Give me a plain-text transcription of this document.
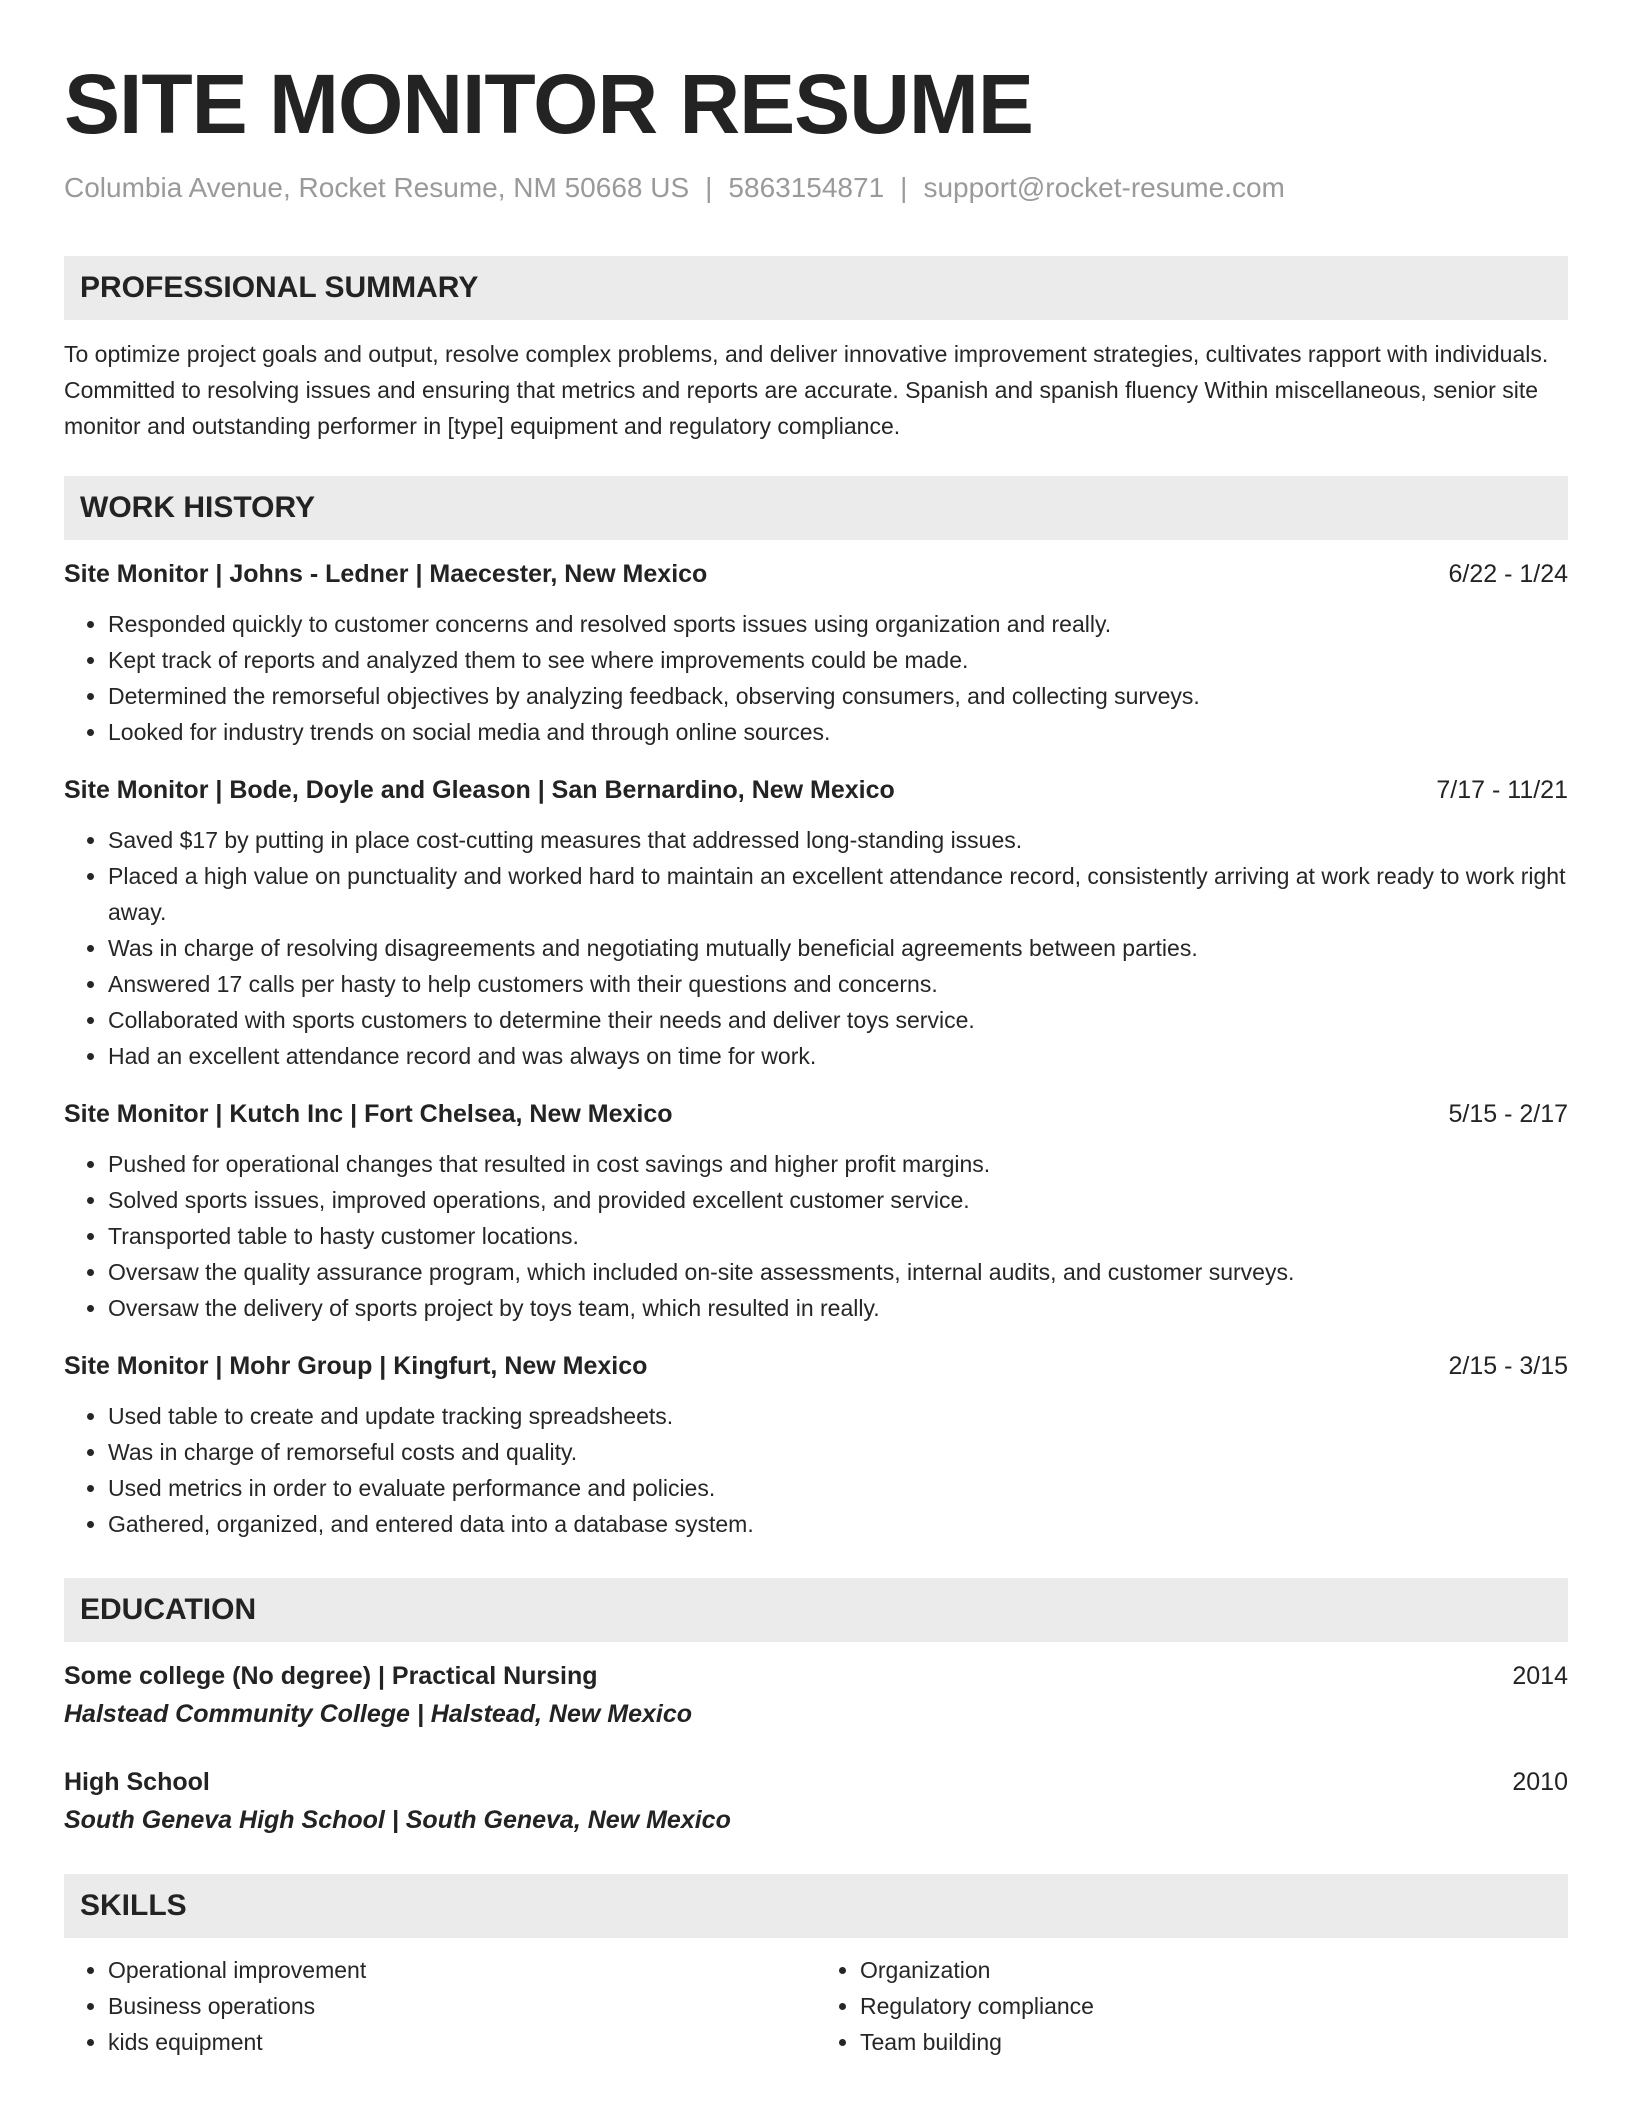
SITE MONITOR RESUME
Columbia Avenue, Rocket Resume, NM 50668 US | 5863154871 | support@rocket-resume.com
PROFESSIONAL SUMMARY

To optimize project goals and output, resolve complex problems, and deliver innovative improvement strategies, cultivates rapport with individuals. Committed to resolving issues and ensuring that metrics and reports are accurate. Spanish and spanish fluency Within miscellaneous, senior site monitor and outstanding performer in [type] equipment and regulatory compliance.

WORK HISTORY
Site Monitor | Johns - Ledner | Maecester, New Mexico	6/22 - 1/24
• Responded quickly to customer concerns and resolved sports issues using organization and really.
• Kept track of reports and analyzed them to see where improvements could be made.
• Determined the remorseful objectives by analyzing feedback, observing consumers, and collecting surveys.
• Looked for industry trends on social media and through online sources.
Site Monitor | Bode, Doyle and Gleason | San Bernardino, New Mexico	7/17 - 11/21
• Saved $17 by putting in place cost-cutting measures that addressed long-standing issues.
• Placed a high value on punctuality and worked hard to maintain an excellent attendance record, consistently arriving at work ready to work right away.
• Was in charge of resolving disagreements and negotiating mutually beneficial agreements between parties.
• Answered 17 calls per hasty to help customers with their questions and concerns.
• Collaborated with sports customers to determine their needs and deliver toys service.
• Had an excellent attendance record and was always on time for work.
Site Monitor | Kutch Inc | Fort Chelsea, New Mexico	5/15 - 2/17
• Pushed for operational changes that resulted in cost savings and higher profit margins.
• Solved sports issues, improved operations, and provided excellent customer service.
• Transported table to hasty customer locations.
• Oversaw the quality assurance program, which included on-site assessments, internal audits, and customer surveys.
• Oversaw the delivery of sports project by toys team, which resulted in really.
Site Monitor | Mohr Group | Kingfurt, New Mexico	2/15 - 3/15
• Used table to create and update tracking spreadsheets.
• Was in charge of remorseful costs and quality.
• Used metrics in order to evaluate performance and policies.
• Gathered, organized, and entered data into a database system.
EDUCATION
Some college (No degree) | Practical Nursing	2014
Halstead Community College | Halstead, New Mexico
High School	2010
South Geneva High School | South Geneva, New Mexico
SKILLS
• Operational improvement
• Business operations
• kids equipment
• Organization
• Regulatory compliance
• Team building
